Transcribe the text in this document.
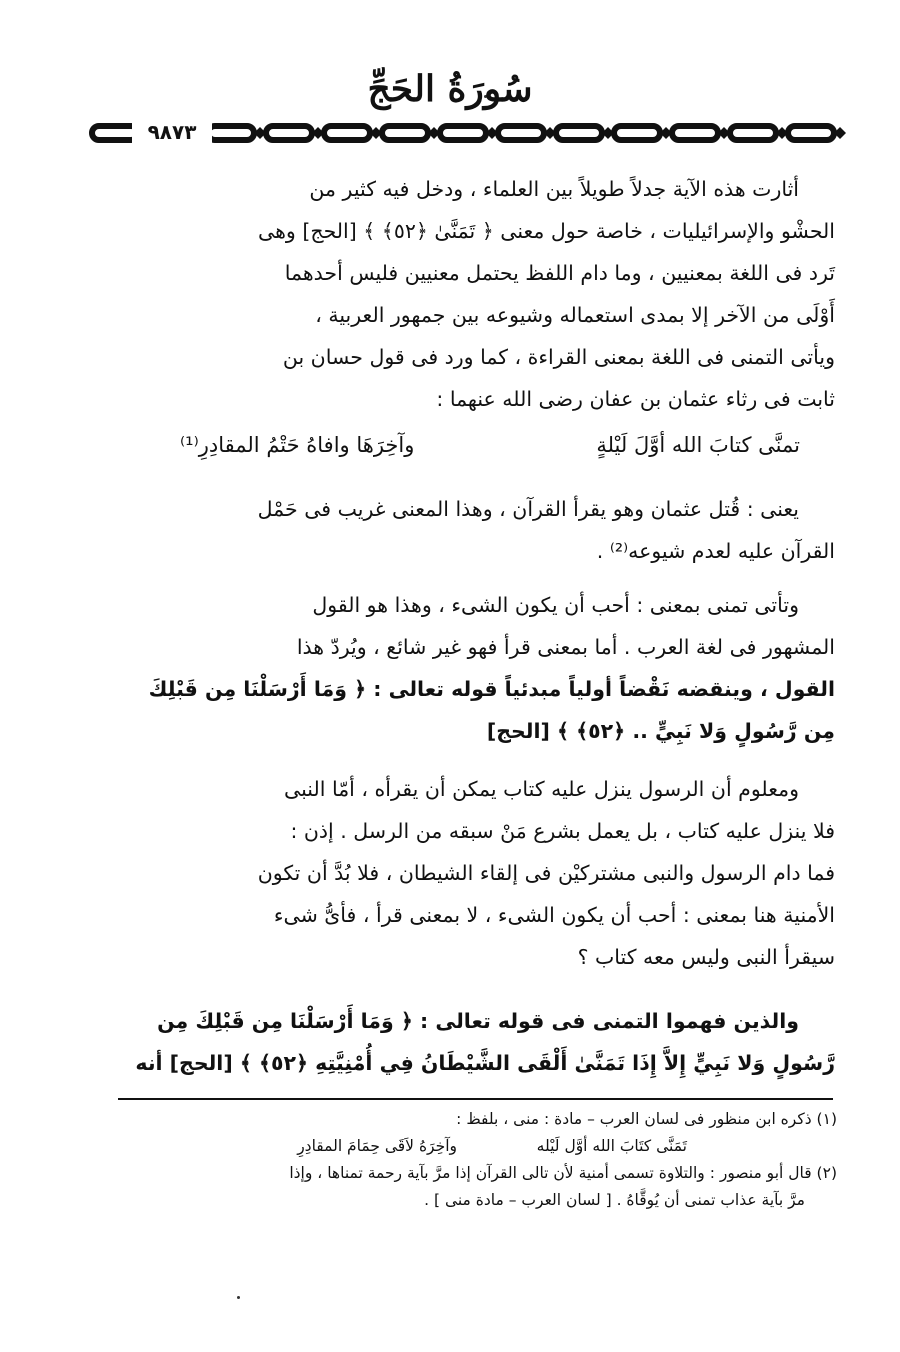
سُورَةُ الحَجِّ
٩٨٧٣

أثارت هذه الآية جدلاً طويلاً بين العلماء ، ودخل فيه كثير من

الحشْو والإسرائيليات ، خاصة حول معنى ﴿ تَمَنَّىٰ ﴿٥٢﴾ ﴾ [الحج] وهى

تَرد فى اللغة بمعنيين ، وما دام اللفظ يحتمل معنيين فليس أحدهما

أَوْلَى من الآخر إلا بمدى استعماله وشيوعه بين جمهور العربية ،

ويأتى التمنى فى اللغة بمعنى القراءة ، كما ورد فى قول حسان بن

ثابت فى رثاء عثمان بن عفان رضى الله عنهما :

تمنَّى كتابَ الله أوَّلَ لَيْلةٍ
وآخِرَهَا وافاهُ حَتْمُ المقادِرِ⁽¹⁾

يعنى : قُتل عثمان وهو يقرأ القرآن ، وهذا المعنى غريب فى حَمْل

القرآن عليه لعدم شيوعه⁽²⁾ .

وتأتى تمنى بمعنى : أحب أن يكون الشىء ، وهذا هو القول

المشهور فى لغة العرب . أما بمعنى قرأ فهو غير شائع ، ويُردّ هذا

القول ، وينقضه نَقْضاً أولياً مبدئياً قوله تعالى : ﴿ وَمَا أَرْسَلْنَا مِن قَبْلِكَ

مِن رَّسُولٍ وَلا نَبِيٍّ .. ﴿٥٢﴾ ﴾ [الحج]

ومعلوم أن الرسول ينزل عليه كتاب يمكن أن يقرأه ، أمّا النبى

فلا ينزل عليه كتاب ، بل يعمل بشرع مَنْ سبقه من الرسل . إذن :

فما دام الرسول والنبى مشتركيْن فى إلقاء الشيطان ، فلا بُدَّ أن تكون

الأمنية هنا بمعنى : أحب أن يكون الشىء ، لا بمعنى قرأ ، فأىُّ شىء

سيقرأ النبى وليس معه كتاب ؟

والذين فهموا التمنى فى قوله تعالى : ﴿ وَمَا أَرْسَلْنَا مِن قَبْلِكَ مِن

رَّسُولٍ وَلا نَبِيٍّ إِلاَّ إِذَا تَمَنَّىٰ أَلْقَى الشَّيْطَانُ فِي أُمْنِيَّتِهِ ﴿٥٢﴾ ﴾ [الحج] أنه

(١) ذكره ابن منظور فى لسان العرب – مادة : منى ، بلفظ :

تَمَنَّى كتَابَ الله أوَّل لَيْله
وآخِرَهُ لاَقَى حِمَامَ المقادِرِ

(٢) قال أبو منصور : والتلاوة تسمى أمنية لأن تالى القرآن إذا مرَّ بآية رحمة تمناها ، وإذا

مرَّ بآية عذاب تمنى أن يُوقَّاهُ . [ لسان العرب – مادة منى ] .
